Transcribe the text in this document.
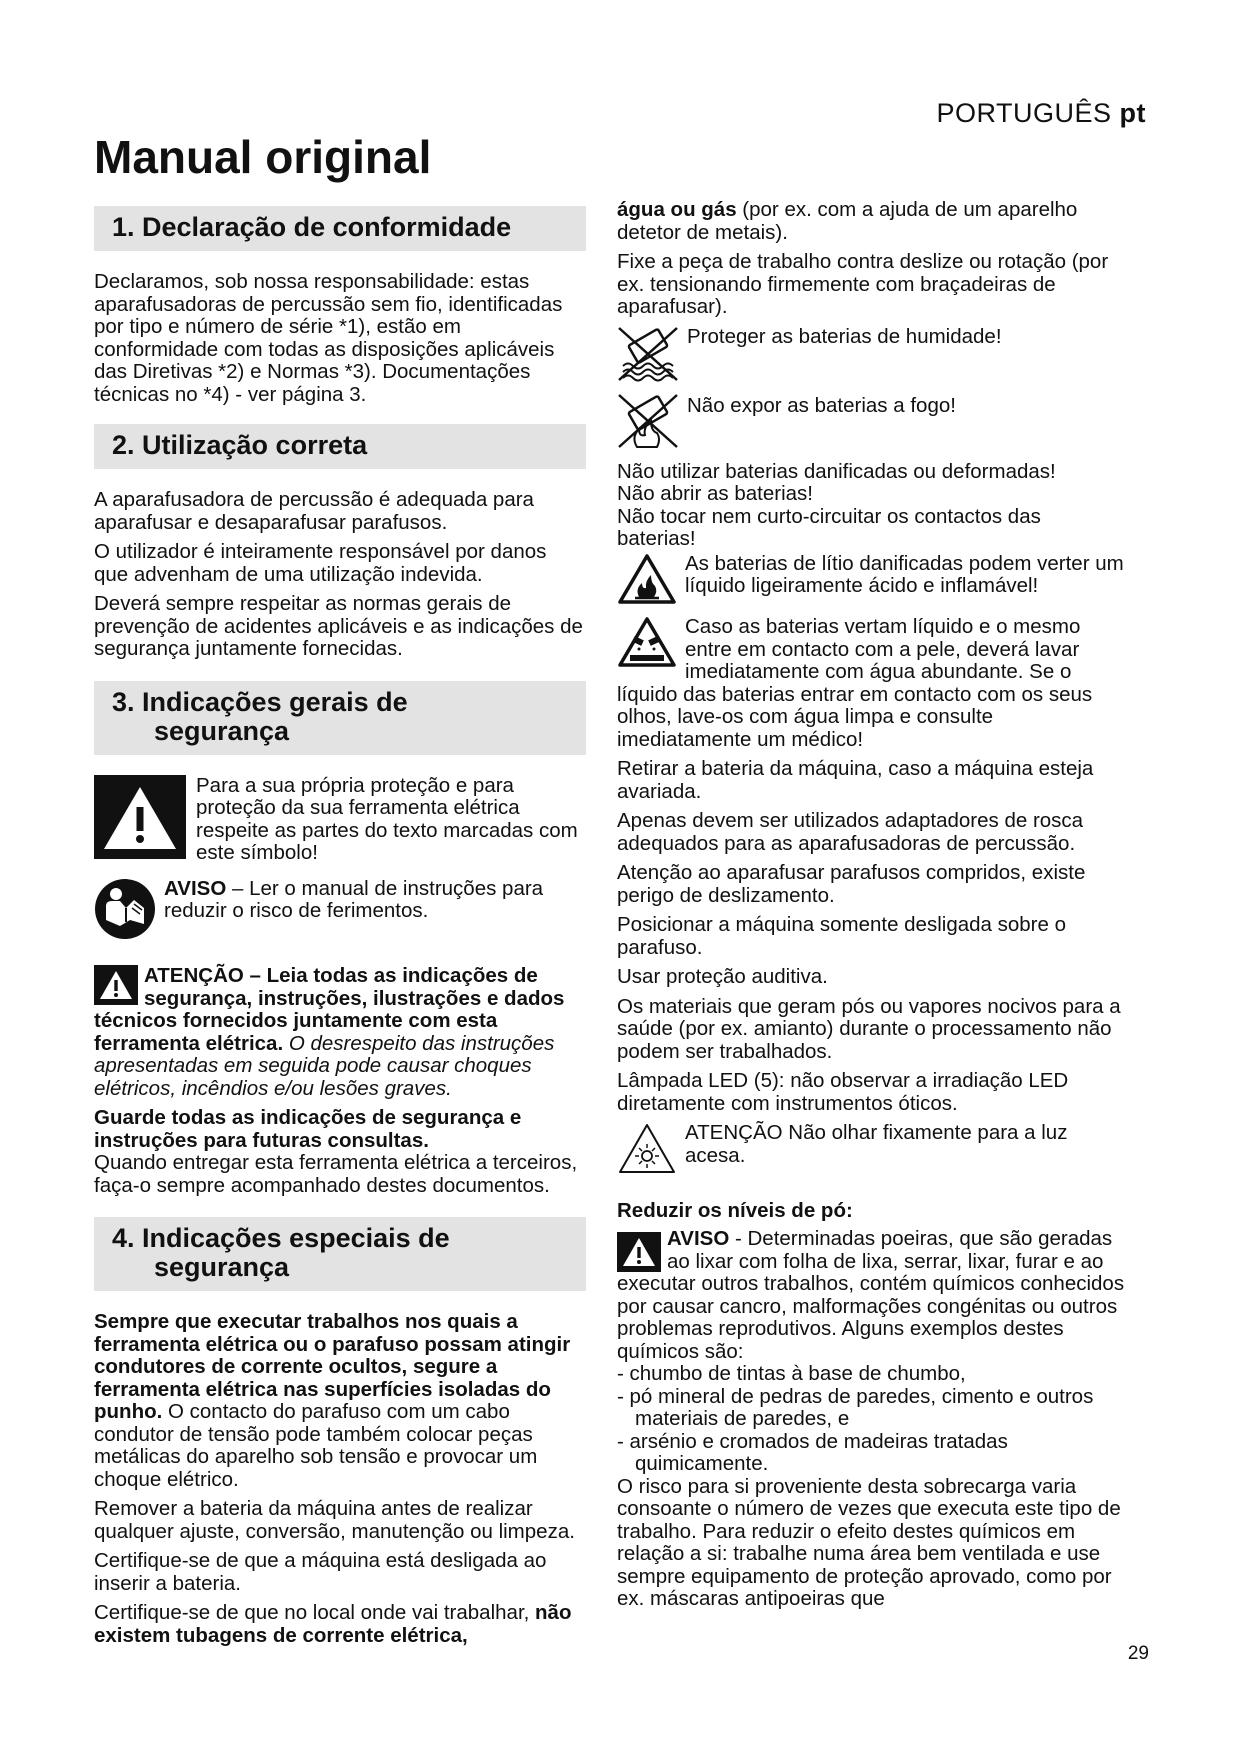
PORTUGUÊS pt
Manual original
1. Declaração de conformidade

Declaramos, sob nossa responsabilidade: estas aparafusadoras de percussão sem fio, identificadas por tipo e número de série *1), estão em conformidade com todas as disposições aplicáveis das Diretivas *2) e Normas *3). Documentações técnicas no *4) - ver página 3.

2. Utilização correta

A aparafusadora de percussão é adequada para aparafusar e desaparafusar parafusos.

O utilizador é inteiramente responsável por danos que advenham de uma utilização indevida.

Deverá sempre respeitar as normas gerais de prevenção de acidentes aplicáveis e as indicações de segurança juntamente fornecidas.

3. Indicações gerais de
segurança

Para a sua própria proteção e para proteção da sua ferramenta elétrica respeite as partes do texto marcadas com este símbolo!

AVISO – Ler o manual de instruções para reduzir o risco de ferimentos.

ATENÇÃO – Leia todas as indicações de segurança, instruções, ilustrações e dados técnicos fornecidos juntamente com esta ferramenta elétrica. O desrespeito das instruções apresentadas em seguida pode causar choques elétricos, incêndios e/ou lesões graves.

Guarde todas as indicações de segurança e instruções para futuras consultas.

Quando entregar esta ferramenta elétrica a terceiros, faça-o sempre acompanhado destes documentos.

4. Indicações especiais de
segurança

Sempre que executar trabalhos nos quais a ferramenta elétrica ou o parafuso possam atingir condutores de corrente ocultos, segure a ferramenta elétrica nas superfícies isoladas do punho. O contacto do parafuso com um cabo condutor de tensão pode também colocar peças metálicas do aparelho sob tensão e provocar um choque elétrico.

Remover a bateria da máquina antes de realizar qualquer ajuste, conversão, manutenção ou limpeza.

Certifique-se de que a máquina está desligada ao inserir a bateria.

Certifique-se de que no local onde vai trabalhar, não existem tubagens de corrente elétrica,

água ou gás (por ex. com a ajuda de um aparelho detetor de metais).

Fixe a peça de trabalho contra deslize ou rotação (por ex. tensionando firmemente com braçadeiras de aparafusar).

Proteger as baterias de humidade!

Não expor as baterias a fogo!

Não utilizar baterias danificadas ou deformadas!

Não abrir as baterias!

Não tocar nem curto-circuitar os contactos das baterias!

As baterias de lítio danificadas podem verter um líquido ligeiramente ácido e inflamável!

Caso as baterias vertam líquido e o mesmo entre em contacto com a pele, deverá lavar imediatamente com água abundante. Se o líquido das baterias entrar em contacto com os seus olhos, lave-os com água limpa e consulte imediatamente um médico!

Retirar a bateria da máquina, caso a máquina esteja avariada.

Apenas devem ser utilizados adaptadores de rosca adequados para as aparafusadoras de percussão.

Atenção ao aparafusar parafusos compridos, existe perigo de deslizamento.

Posicionar a máquina somente desligada sobre o parafuso.

Usar proteção auditiva.

Os materiais que geram pós ou vapores nocivos para a saúde (por ex. amianto) durante o processamento não podem ser trabalhados.

Lâmpada LED (5): não observar a irradiação LED diretamente com instrumentos óticos.

ATENÇÃO Não olhar fixamente para a luz acesa.

Reduzir os níveis de pó:

AVISO - Determinadas poeiras, que são geradas ao lixar com folha de lixa, serrar, lixar, furar e ao executar outros trabalhos, contém químicos conhecidos por causar cancro, malformações congénitas ou outros problemas reprodutivos. Alguns exemplos destes químicos são:

- chumbo de tintas à base de chumbo,

- pó mineral de pedras de paredes, cimento e outros materiais de paredes, e

- arsénio e cromados de madeiras tratadas quimicamente.

O risco para si proveniente desta sobrecarga varia consoante o número de vezes que executa este tipo de trabalho. Para reduzir o efeito destes químicos em relação a si: trabalhe numa área bem ventilada e use sempre equipamento de proteção aprovado, como por ex. máscaras antipoeiras que

29
